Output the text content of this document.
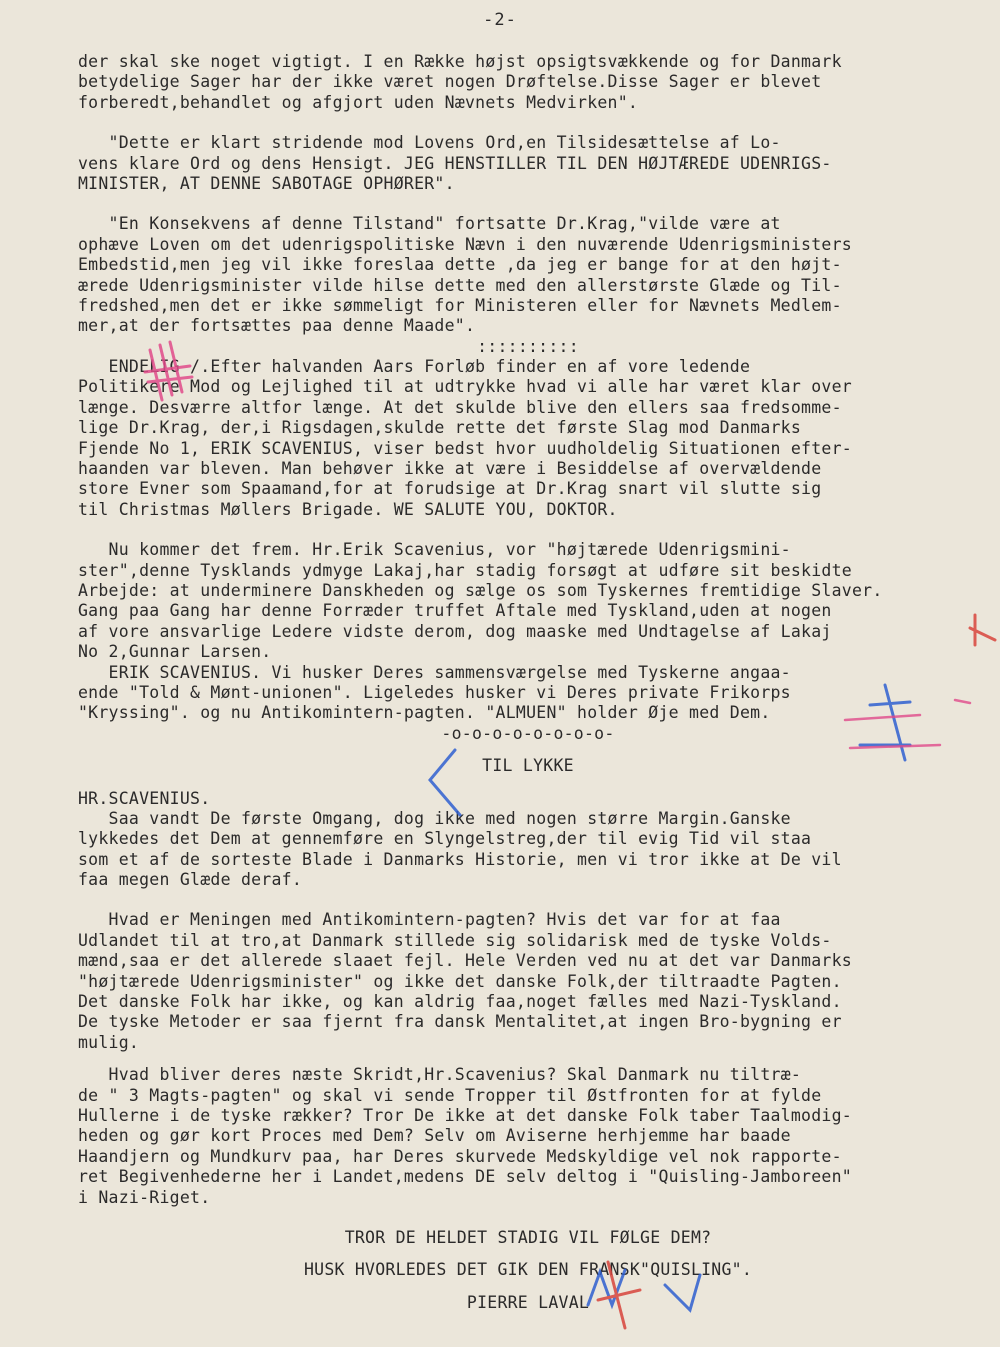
-2-
der skal ske noget vigtigt. I en Række højst opsigtsvækkende og for Danmark
betydelige Sager har der ikke været nogen Drøftelse.Disse Sager er blevet
forberedt,behandlet og afgjort uden Nævnets Medvirken".
"Dette er klart stridende mod Lovens Ord,en Tilsidesættelse af Lo-
vens klare Ord og dens Hensigt. JEG HENSTILLER TIL DEN HØJTÆREDE UDENRIGS-
MINISTER, AT DENNE SABOTAGE OPHØRER".
"En Konsekvens af denne Tilstand" fortsatte Dr.Krag,"vilde være at
ophæve Loven om det udenrigspolitiske Nævn i den nuværende Udenrigsministers
Embedstid,men jeg vil ikke foreslaa dette ,da jeg er bange for at den højt-
ærede Udenrigsminister vilde hilse dette med den allerstørste Glæde og Til-
fredshed,men det er ikke sømmeligt for Ministeren eller for Nævnets Medlem-
mer,at der fortsættes paa denne Maade".
::::::::::
ENDELIG /.Efter halvanden Aars Forløb finder en af vore ledende
Politikere Mod og Lejlighed til at udtrykke hvad vi alle har været klar over
længe. Desværre altfor længe. At det skulde blive den ellers saa fredsomme-
lige Dr.Krag, der,i Rigsdagen,skulde rette det første Slag mod Danmarks
Fjende No 1, ERIK SCAVENIUS, viser bedst hvor uudholdelig Situationen efter-
haanden var bleven. Man behøver ikke at være i Besiddelse af overvældende
store Evner som Spaamand,for at forudsige at Dr.Krag snart vil slutte sig
til Christmas Møllers Brigade. WE SALUTE YOU, DOKTOR.
Nu kommer det frem. Hr.Erik Scavenius, vor "højtærede Udenrigsmini-
ster",denne Tysklands ydmyge Lakaj,har stadig forsøgt at udføre sit beskidte
Arbejde: at underminere Danskheden og sælge os som Tyskernes fremtidige Slaver.
Gang paa Gang har denne Forræder truffet Aftale med Tyskland,uden at nogen
af vore ansvarlige Ledere vidste derom, dog maaske med Undtagelse af Lakaj
No 2,Gunnar Larsen.
ERIK SCAVENIUS. Vi husker Deres sammensværgelse med Tyskerne angaa-
ende "Told & Mønt-unionen". Ligeledes husker vi Deres private Frikorps
"Kryssing". og nu Antikomintern-pagten. "ALMUEN" holder Øje med Dem.
-o-o-o-o-o-o-o-o-
TIL LYKKE
HR.SCAVENIUS.
Saa vandt De første Omgang, dog ikke med nogen større Margin.Ganske
lykkedes det Dem at gennemføre en Slyngelstreg,der til evig Tid vil staa
som et af de sorteste Blade i Danmarks Historie, men vi tror ikke at De vil
faa megen Glæde deraf.
Hvad er Meningen med Antikomintern-pagten? Hvis det var for at faa
Udlandet til at tro,at Danmark stillede sig solidarisk med de tyske Volds-
mænd,saa er det allerede slaaet fejl. Hele Verden ved nu at det var Danmarks
"højtærede Udenrigsminister" og ikke det danske Folk,der tiltraadte Pagten.
Det danske Folk har ikke, og kan aldrig faa,noget fælles med Nazi-Tyskland.
De tyske Metoder er saa fjernt fra dansk Mentalitet,at ingen Bro-bygning er
mulig.
Hvad bliver deres næste Skridt,Hr.Scavenius? Skal Danmark nu tiltræ-
de " 3 Magts-pagten" og skal vi sende Tropper til Østfronten for at fylde
Hullerne i de tyske rækker? Tror De ikke at det danske Folk taber Taalmodig-
heden og gør kort Proces med Dem? Selv om Aviserne herhjemme har baade
Haandjern og Mundkurv paa, har Deres skurvede Medskyldige vel nok rapporte-
ret Begivenhederne her i Landet,medens DE selv deltog i "Quisling-Jamboreen"
i Nazi-Riget.
TROR DE HELDET STADIG VIL FØLGE DEM?
HUSK HVORLEDES DET GIK DEN FRANSK"QUISLING".
PIERRE LAVAL
